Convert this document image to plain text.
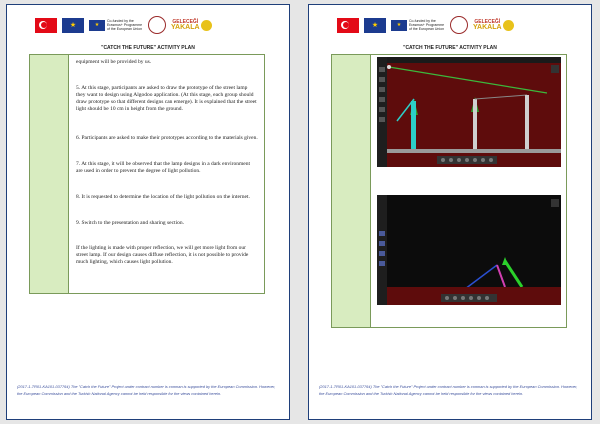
★	★
Co-funded by the Erasmus+ Programme of the European Union
GELECEĞİ
YAKALA
"CATCH THE FUTURE" ACTIVITY PLAN

equipment will be provided by us.

5. At this stage, participants are asked to draw the prototype of the street lamp they want to design using Algodoo application. (At this stage, each group should draw prototype so that different designs can emerge). It is explained that the street light should be 10 cm in height from the ground.

6. Participants are asked to make their prototypes according to the materials given.

7. At this stage, it will be observed that the lamp designs in a dark environment are used in order to prevent the degree of light pollution.

8. It is requested to determine the location of the light pollution on the internet.

9. Switch to the presentation and sharing section.

If the lighting is made with proper reflection, we will get more light from our street lamp. If our design causes diffuse reflection, it is not possible to provide much lighting, which causes light pollution.

(2017-1-TR01-KA101-037764) The "Catch the Future" Project under contract number is conman is supported by the European Commission. However, the European Commission and the Turkish National Agency cannot be held responsible for the views contained herein.
★	★
Co-funded by the Erasmus+ Programme of the European Union
GELECEĞİ
YAKALA
"CATCH THE FUTURE" ACTIVITY PLAN
(2017-1-TR01-KA101-037764) The "Catch the Future" Project under contract number is conman is supported by the European Commission. However, the European Commission and the Turkish National Agency cannot be held responsible for the views contained herein.
